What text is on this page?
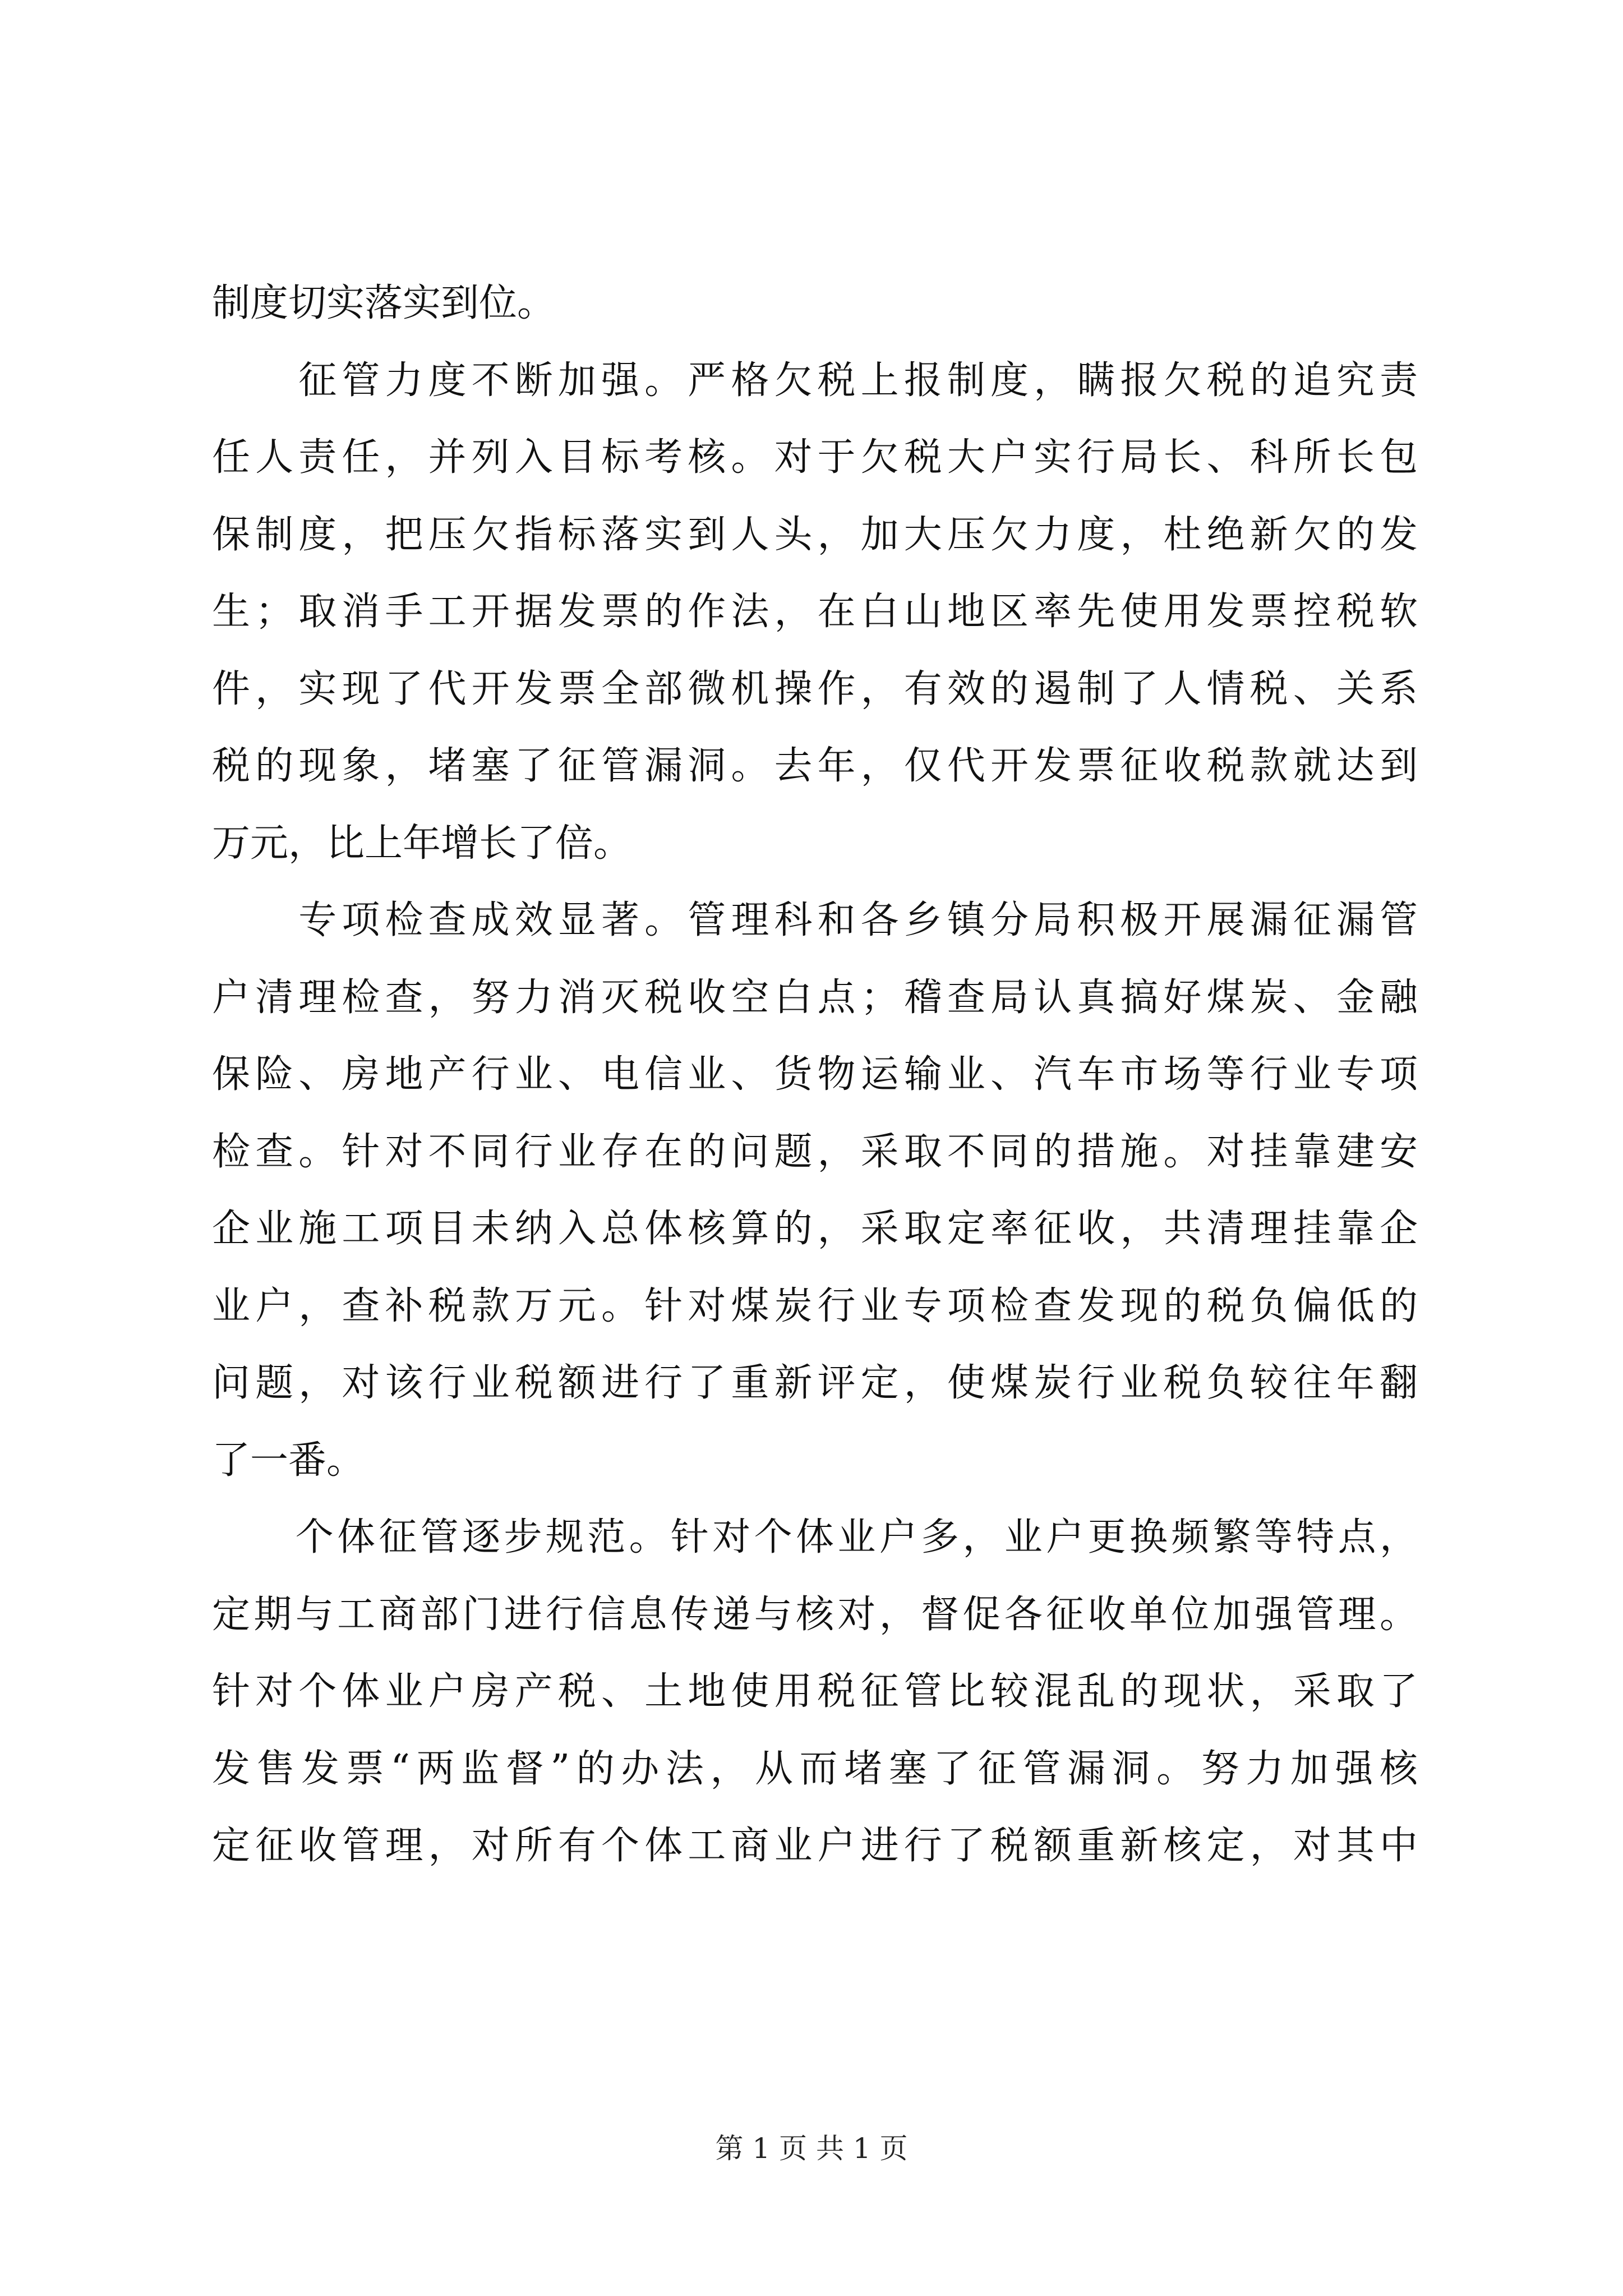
制度切实落实到位。
　　征管力度不断加强。严格欠税上报制度，瞒报欠税的追究责
任人责任，并列入目标考核。对于欠税大户实行局长、科所长包
保制度，把压欠指标落实到人头，加大压欠力度，杜绝新欠的发
生；取消手工开据发票的作法，在白山地区率先使用发票控税软
件，实现了代开发票全部微机操作，有效的遏制了人情税、关系
税的现象，堵塞了征管漏洞。去年，仅代开发票征收税款就达到
万元，比上年增长了倍。
　　专项检查成效显著。管理科和各乡镇分局积极开展漏征漏管
户清理检查，努力消灭税收空白点；稽查局认真搞好煤炭、金融
保险、房地产行业、电信业、货物运输业、汽车市场等行业专项
检查。针对不同行业存在的问题，采取不同的措施。对挂靠建安
企业施工项目未纳入总体核算的，采取定率征收，共清理挂靠企
业户，查补税款万元。针对煤炭行业专项检查发现的税负偏低的
问题，对该行业税额进行了重新评定，使煤炭行业税负较往年翻
了一番。
　　个体征管逐步规范。针对个体业户多，业户更换频繁等特点，
定期与工商部门进行信息传递与核对，督促各征收单位加强管理。
针对个体业户房产税、土地使用税征管比较混乱的现状，采取了
发售发票“两监督”的办法，从而堵塞了征管漏洞。努力加强核
定征收管理，对所有个体工商业户进行了税额重新核定，对其中
第 1 页 共 1 页
